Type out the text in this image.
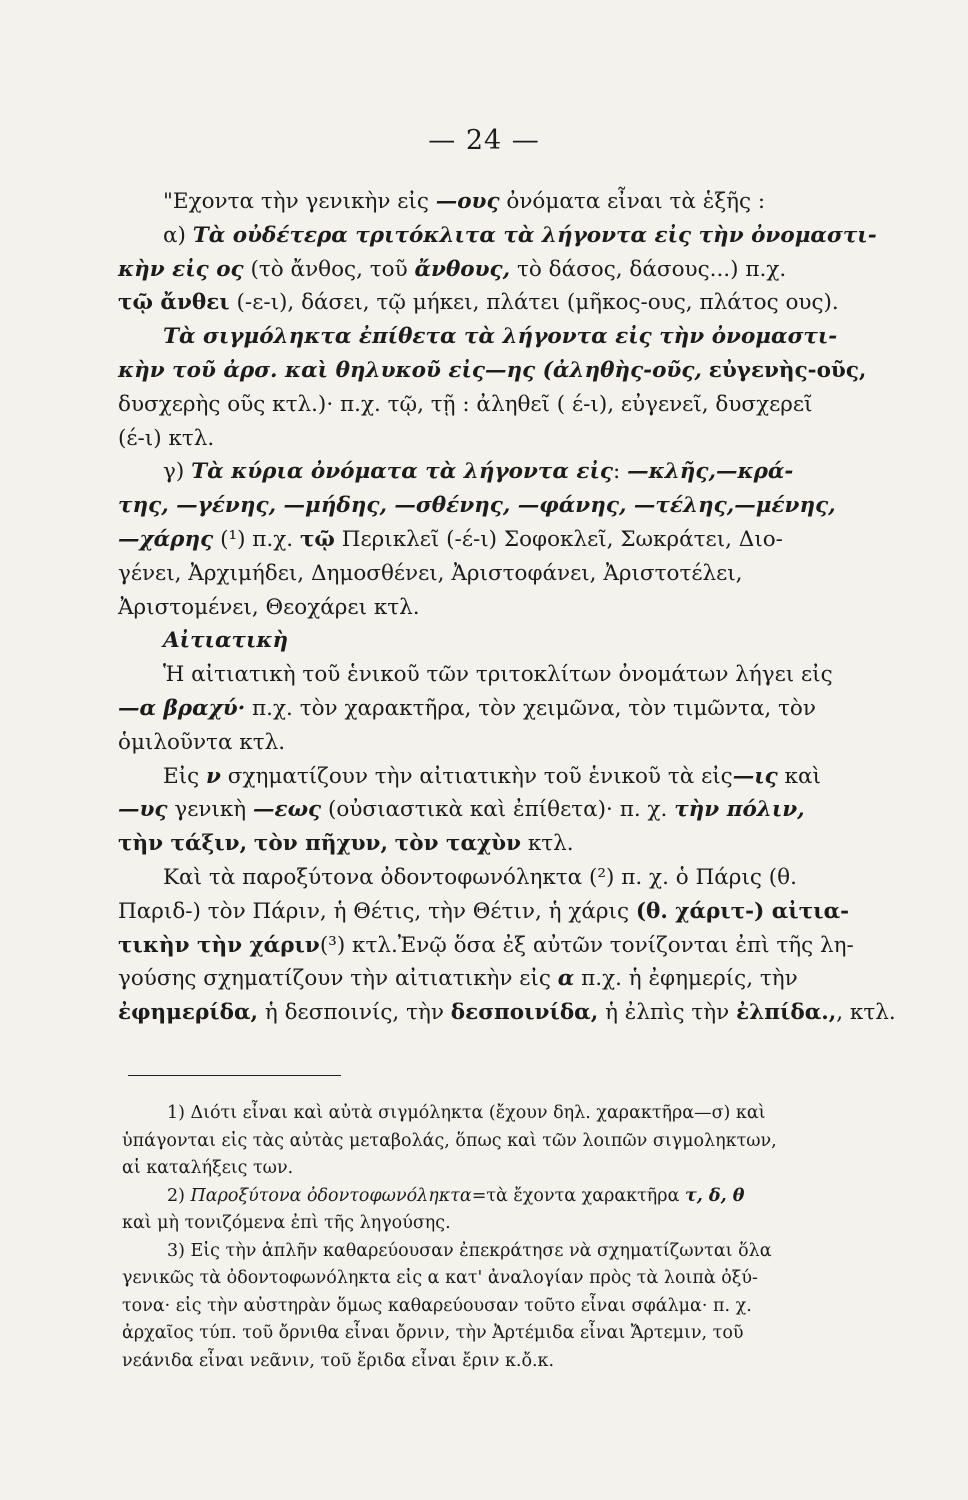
— 24 —
"Εχοντα τὴν γενικὴν εἰς —ους ὀνόματα εἶναι τὰ ἑξῆς :
α) Τὰ οὐδέτερα τριτόκλιτα τὰ λήγοντα εἰς τὴν ὀνομαστι-
κὴν εἰς ος (τὸ ἄνθος, τοῦ ἄνθους, τὸ δάσος, δάσους...) π.χ.
τῷ ἄνθει (-ε-ι), δάσει, τῷ μήκει, πλάτει (μῆκος-ους, πλάτος ους).
Τὰ σιγμόληκτα ἐπίθετα τὰ λήγοντα εἰς τὴν ὀνομαστι-
κὴν τοῦ ἀρσ. καὶ θηλυκοῦ εἰς—ης (ἀληθὴς-οῦς, εὐγενὴς-οῦς,
δυσχερὴς οῦς κτλ.)· π.χ. τῷ, τῇ : ἀληθεῖ ( έ-ι), εὐγενεῖ, δυσχερεῖ
(έ-ι) κτλ.
γ) Τὰ κύρια ὀνόματα τὰ λήγοντα εἰς: —κλῆς,—κρά-
της, —γένης, —μήδης, —σθένης, —φάνης, —τέλης,—μένης,
—χάρης (¹) π.χ. τῷ Περικλεῖ (-έ-ι) Σοφοκλεῖ, Σωκράτει, Διο-
γένει, Ἀρχιμήδει, Δημοσθένει, Ἀριστοφάνει, Ἀριστοτέλει,
Ἀριστομένει, Θεοχάρει κτλ.
Αἰτιατικὴ
Ἡ αἰτιατικὴ τοῦ ἑνικοῦ τῶν τριτοκλίτων ὀνομάτων λήγει εἰς
—α βραχύ· π.χ. τὸν χαρακτῆρα, τὸν χειμῶνα, τὸν τιμῶντα, τὸν
ὁμιλοῦντα κτλ.
Εἰς ν σχηματίζουν τὴν αἰτιατικὴν τοῦ ἑνικοῦ τὰ εἰς—ις καὶ
—υς γενικὴ —εως (οὐσιαστικὰ καὶ ἐπίθετα)· π. χ. τὴν πόλιν,
τὴν τάξιν, τὸν πῆχυν, τὸν ταχὺν κτλ.
Καὶ τὰ παροξύτονα ὀδοντοφωνόληκτα (²) π. χ. ὁ Πάρις (θ.
Παριδ-) τὸν Πάριν, ἡ Θέτις, τὴν Θέτιν, ἡ χάρις (θ. χάριτ-) αἰτια-
τικὴν τὴν χάριν(³) κτλ.Ἐνῷ ὅσα ἐξ αὐτῶν τονίζονται ἐπὶ τῆς λη-
γούσης σχηματίζουν τὴν αἰτιατικὴν εἰς α π.χ. ἡ ἐφημερίς, τὴν
ἐφημερίδα, ἡ δεσποινίς, τὴν δεσποινίδα, ἡ ἐλπὶς τὴν ἐλπίδα.,, κτλ.
1) Διότι εἶναι καὶ αὐτὰ σιγμόληκτα (ἔχουν δηλ. χαρακτῆρα—σ) καὶ
ὑπάγονται εἰς τὰς αὐτὰς μεταβολάς, ὅπως καὶ τῶν λοιπῶν σιγμοληκτων,
αἱ καταλήξεις των.
2) Παροξύτονα ὀδοντοφωνόληκτα=τὰ ἔχοντα χαρακτῆρα τ, δ, θ
καὶ μὴ τονιζόμενα ἐπὶ τῆς ληγούσης.
3) Εἰς τὴν ἁπλῆν καθαρεύουσαν ἐπεκράτησε νὰ σχηματίζωνται ὅλα
γενικῶς τὰ ὀδοντοφωνόληκτα εἰς α κατ' ἀναλογίαν πρὸς τὰ λοιπὰ ὀξύ-
τονα· εἰς τὴν αὐστηρὰν ὅμως καθαρεύουσαν τοῦτο εἶναι σφάλμα· π. χ.
ἀρχαῖος τύπ. τοῦ ὄρνιθα εἶναι ὄρνιν, τὴν Ἀρτέμιδα εἶναι Ἄρτεμιν, τοῦ
νεάνιδα εἶναι νεᾶνιν, τοῦ ἔριδα εἶναι ἔριν κ.ὄ.κ.
